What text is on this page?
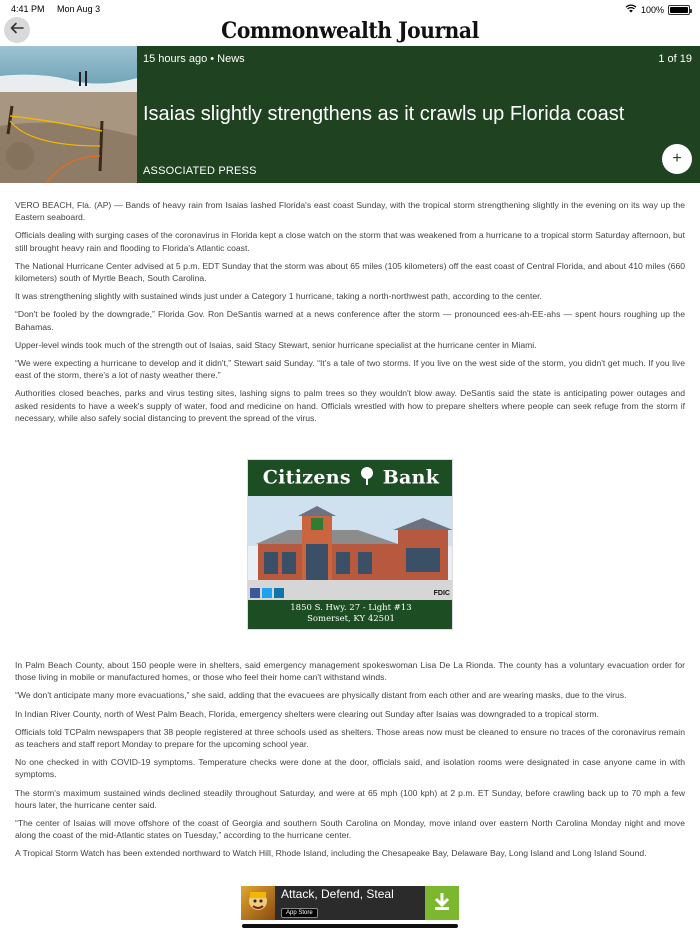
4:41 PM Mon Aug 3	100%
Commonwealth Journal
15 hours ago • News	1 of 19
Isaias slightly strengthens as it crawls up Florida coast
ASSOCIATED PRESS
+

VERO BEACH, Fla. (AP) — Bands of heavy rain from Isaias lashed Florida's east coast Sunday, with the tropical storm strengthening slightly in the evening on its way up the Eastern seaboard.

Officials dealing with surging cases of the coronavirus in Florida kept a close watch on the storm that was weakened from a hurricane to a tropical storm Saturday afternoon, but still brought heavy rain and flooding to Florida's Atlantic coast.

The National Hurricane Center advised at 5 p.m. EDT Sunday that the storm was about 65 miles (105 kilometers) off the east coast of Central Florida, and about 410 miles (660 kilometers) south of Myrtle Beach, South Carolina.

It was strengthening slightly with sustained winds just under a Category 1 hurricane, taking a north-northwest path, according to the center.

“Don't be fooled by the downgrade,” Florida Gov. Ron DeSantis warned at a news conference after the storm — pronounced ees-ah-EE-ahs — spent hours roughing up the Bahamas.

Upper-level winds took much of the strength out of Isaias, said Stacy Stewart, senior hurricane specialist at the hurricane center in Miami.

“We were expecting a hurricane to develop and it didn't,” Stewart said Sunday. “It's a tale of two storms. If you live on the west side of the storm, you didn't get much. If you live east of the storm, there's a lot of nasty weather there.”

Authorities closed beaches, parks and virus testing sites, lashing signs to palm trees so they wouldn't blow away. DeSantis said the state is anticipating power outages and asked residents to have a week's supply of water, food and medicine on hand. Officials wrestled with how to prepare shelters where people can seek refuge from the storm if necessary, while also safely social distancing to prevent the spread of the virus.

Citizens Bank
FDIC
1850 S. Hwy. 27 - Light #13
Somerset, KY 42501

In Palm Beach County, about 150 people were in shelters, said emergency management spokeswoman Lisa De La Rionda. The county has a voluntary evacuation order for those living in mobile or manufactured homes, or those who feel their home can't withstand winds.

“We don't anticipate many more evacuations,” she said, adding that the evacuees are physically distant from each other and are wearing masks, due to the virus.

In Indian River County, north of West Palm Beach, Florida, emergency shelters were clearing out Sunday after Isaias was downgraded to a tropical storm.

Officials told TCPalm newspapers that 38 people registered at three schools used as shelters. Those areas now must be cleaned to ensure no traces of the coronavirus remain as teachers and staff report Monday to prepare for the upcoming school year.

No one checked in with COVID-19 symptoms. Temperature checks were done at the door, officials said, and isolation rooms were designated in case anyone came in with symptoms.

The storm's maximum sustained winds declined steadily throughout Saturday, and were at 65 mph (100 kph) at 2 p.m. ET Sunday, before crawling back up to 70 mph a few hours later, the hurricane center said.

“The center of Isaias will move offshore of the coast of Georgia and southern South Carolina on Monday, move inland over eastern North Carolina Monday night and move along the coast of the mid-Atlantic states on Tuesday,” according to the hurricane center.

A Tropical Storm Watch has been extended northward to Watch Hill, Rhode Island, including the Chesapeake Bay, Delaware Bay, Long Island and Long Island Sound.

Attack, Defend, Steal
App Store
